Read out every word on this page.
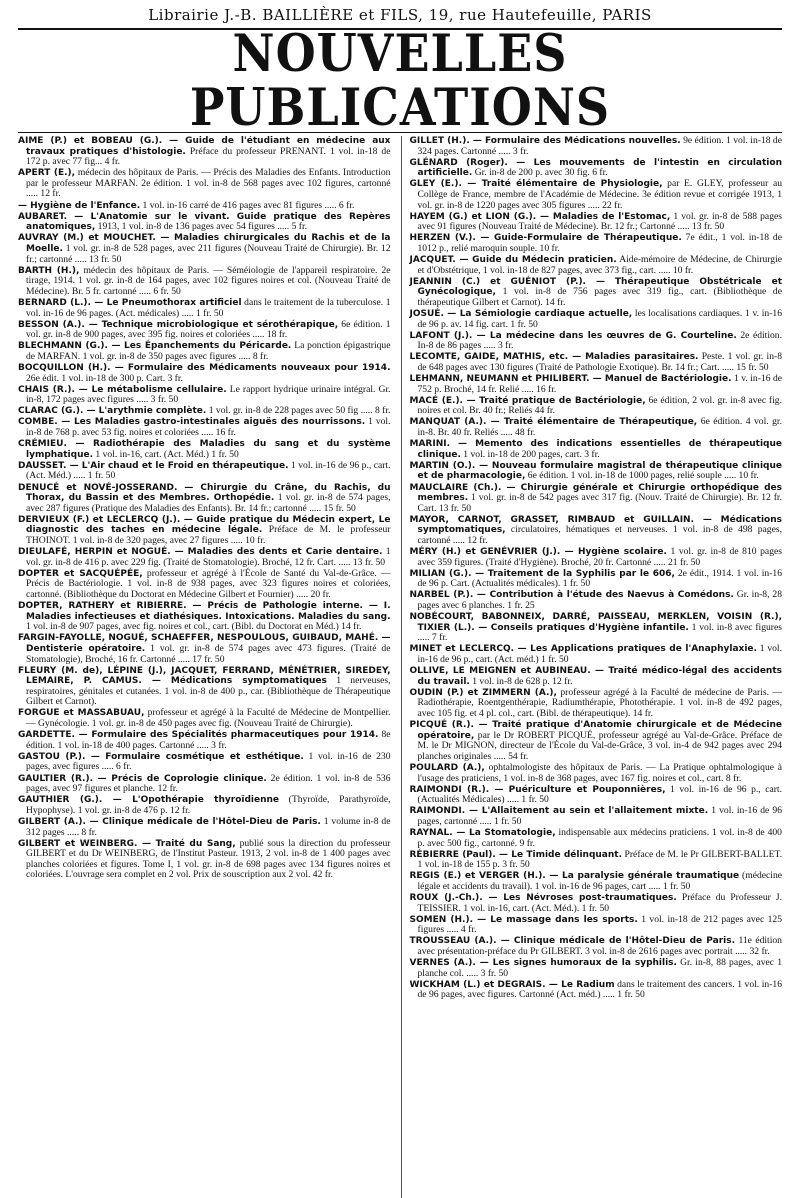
Librairie J.-B. BAILLIÈRE et FILS, 19, rue Hautefeuille, PARIS
NOUVELLES PUBLICATIONS

AIMÉ (P.) et BOBEAU (G.). — Guide de l'étudiant en médecine aux travaux pratiques d'histologie. Préface du professeur PRENANT. 1 vol. in-18 de 172 p. avec 77 fig... 4 fr.

APERT (E.), médecin des hôpitaux de Paris. — Précis des Maladies des Enfants. Introduction par le professeur MARFAN. 2e édition. 1 vol. in-8 de 568 pages avec 102 figures, cartonné ..... 12 fr.

— Hygiène de l'Enfance. 1 vol. in-16 carré de 416 pages avec 81 figures ..... 6 fr.

AUBARET. — L'Anatomie sur le vivant. Guide pratique des Repères anatomiques, 1913, 1 vol. in-8 de 136 pages avec 54 figures ..... 5 fr.

AUVRAY (M.) et MOUCHET. — Maladies chirurgicales du Rachis et de la Moelle. 1 vol. gr. in-8 de 528 pages, avec 211 figures (Nouveau Traité de Chirurgie). Br. 12 fr.; cartonné ..... 13 fr. 50

BARTH (H.), médecin des hôpitaux de Paris. — Séméiologie de l'appareil respiratoire. 2e tirage, 1914. 1 vol. gr. in-8 de 164 pages, avec 102 figures noires et col. (Nouveau Traité de Médecine). Br. 5 fr. cartonné ..... 6 fr. 50

BERNARD (L.). — Le Pneumothorax artificiel dans le traitement de la tuberculose. 1 vol. in-16 de 96 pages. (Act. médicales) ..... 1 fr. 50

BESSON (A.). — Technique microbiologique et sérothérapique, 6e édition. 1 vol. gr. in-8 de 900 pages, avec 395 fig. noires et coloriées ..... 18 fr.

BLECHMANN (G.). — Les Épanchements du Péricarde. La ponction épigastrique de MARFAN. 1 vol. gr. in-8 de 350 pages avec figures ..... 8 fr.

BOCQUILLON (H.). — Formulaire des Médicaments nouveaux pour 1914. 26e édit. 1 vol. in-18 de 300 p. Cart. 3 fr.

CHAIS (R.). — Le métabolisme cellulaire. Le rapport hydrique urinaire intégral. Gr. in-8, 172 pages avec figures ..... 3 fr. 50

CLARAC (G.). — L'arythmie complète. 1 vol. gr. in-8 de 228 pages avec 50 fig ..... 8 fr.

COMBE. — Les Maladies gastro-intestinales aiguës des nourrissons. 1 vol. in-8 de 768 p. avec 53 fig. noires et coloriées ..... 16 fr.

CRÉMIEU. — Radiothérapie des Maladies du sang et du système lymphatique. 1 vol. in-16, cart. (Act. Méd.) 1 fr. 50

DAUSSET. — L'Air chaud et le Froid en thérapeutique. 1 vol. in-16 de 96 p., cart. (Act. Méd.) ..... 1 fr. 50

DENUCÉ et NOVÉ-JOSSERAND. — Chirurgie du Crâne, du Rachis, du Thorax, du Bassin et des Membres. Orthopédie. 1 vol. gr. in-8 de 574 pages, avec 287 figures (Pratique des Maladies des Enfants). Br. 14 fr.; cartonné ..... 15 fr. 50

DERVIEUX (F.) et LECLERCQ (J.). — Guide pratique du Médecin expert, Le diagnostic des taches en médecine légale. Préface de M. le professeur THOINOT. 1 vol. in-8 de 320 pages, avec 27 figures ..... 10 fr.

DIEULAFÉ, HERPIN et NOGUÉ. — Maladies des dents et Carie dentaire. 1 vol. gr. in-8 de 416 p. avec 229 fig. (Traité de Stomatologie). Broché, 12 fr. Cart. ..... 13 fr. 50

DOPTER et SACQUÉPÉE, professeur et agrégé à l'École de Santé du Val-de-Grâce. — Précis de Bactériologie. 1 vol. in-8 de 938 pages, avec 323 figures noires et coloriées, cartonné. (Bibliothèque du Doctorat en Médecine Gilbert et Fournier) ..... 20 fr.

DOPTER, RATHERY et RIBIERRE. — Précis de Pathologie interne. — I. Maladies infectieuses et diathésiques. Intoxications. Maladies du sang. 1 vol. in-8 de 907 pages, avec fig. noires et col., cart. (Bibl. du Doctorat en Méd.) 14 fr.

FARGIN-FAYOLLE, NOGUÉ, SCHAEFFER, NESPOULOUS, GUIBAUD, MAHÉ. — Dentisterie opératoire. 1 vol. gr. in-8 de 574 pages avec 473 figures. (Traité de Stomatologie), Broché, 16 fr. Cartonné ..... 17 fr. 50

FLEURY (M. de), LÉPINE (J.), JACQUET, FERRAND, MÉNÉTRIER, SIREDEY, LEMAIRE, P. CAMUS. — Médications symptomatiques 1 nerveuses, respiratoires, génitales et cutanées. 1 vol. in-8 de 400 p., car. (Bibliothèque de Thérapeutique Gilbert et Carnot).

FORGUE et MASSABUAU, professeur et agrégé à la Faculté de Médecine de Montpellier. — Gynécologie. 1 vol. gr. in-8 de 450 pages avec fig. (Nouveau Traité de Chirurgie).

GARDETTE. — Formulaire des Spécialités pharmaceutiques pour 1914. 8e édition. 1 vol. in-18 de 400 pages. Cartonné ..... 3 fr.

GASTOU (P.). — Formulaire cosmétique et esthétique. 1 vol. in-16 de 230 pages, avec figures ..... 6 fr.

GAULTIER (R.). — Précis de Coprologie clinique. 2e édition. 1 vol. in-8 de 536 pages, avec 97 figures et planche. 12 fr.

GAUTHIER (G.). — L'Opothérapie thyroïdienne (Thyroïde, Parathyroïde, Hypophyse). 1 vol. gr. in-8 de 476 p. 12 fr.

GILBERT (A.). — Clinique médicale de l'Hôtel-Dieu de Paris. 1 volume in-8 de 312 pages ..... 8 fr.

GILBERT et WEINBERG. — Traité du Sang, publié sous la direction du professeur GILBERT et du Dr WEINBERG, de l'Institut Pasteur. 1913, 2 vol. in-8 de 1 400 pages avec planches coloriées et figures. Tome I, 1 vol. gr. in-8 de 698 pages avec 134 figures noires et coloriées. L'ouvrage sera complet en 2 vol. Prix de souscription aux 2 vol. 42 fr.

GILLET (H.). — Formulaire des Médications nouvelles. 9e édition. 1 vol. in-18 de 324 pages. Cartonné ..... 3 fr.

GLÉNARD (Roger). — Les mouvements de l'intestin en circulation artificielle. Gr. in-8 de 200 p. avec 30 fig. 6 fr.

GLEY (E.). — Traité élémentaire de Physiologie, par E. GLEY, professeur au Collège de France, membre de l'Académie de Médecine. 3e édition revue et corrigée 1913, 1 vol. gr. in-8 de 1220 pages avec 305 figures ..... 22 fr.

HAYEM (G.) et LION (G.). — Maladies de l'Estomac, 1 vol. gr. in-8 de 588 pages avec 91 figures (Nouveau Traité de Médecine). Br. 12 fr.; Cartonné ..... 13 fr. 50

HERZEN (V.). — Guide-Formulaire de Thérapeutique. 7e édit., 1 vol. in-18 de 1012 p., relié maroquin souple. 10 fr.

JACQUET. — Guide du Médecin praticien. Aide-mémoire de Médecine, de Chirurgie et d'Obstétrique, 1 vol. in-18 de 827 pages, avec 373 fig., cart. ..... 10 fr.

JEANNIN (C.) et GUÉNIOT (P.). — Thérapeutique Obstétricale et Gynécologique, 1 vol. in-8 de 756 pages avec 319 fig., cart. (Bibliothèque de thérapeutique Gilbert et Carnot). 14 fr.

JOSUÉ. — La Sémiologie cardiaque actuelle, les localisations cardiaques. 1 v. in-16 de 96 p. av. 14 fig. cart. 1 fr. 50

LAFONT (J.). — La médecine dans les œuvres de G. Courteline. 2e édition. In-8 de 86 pages ..... 3 fr.

LECOMTE, GAIDE, MATHIS, etc. — Maladies parasitaires. Peste. 1 vol. gr. in-8 de 648 pages avec 130 figures (Traité de Pathologie Exotique). Br. 14 fr.; Cart. ..... 15 fr. 50

LEHMANN, NEUMANN et PHILIBERT. — Manuel de Bactériologie. 1 v. in-16 de 752 p. Broché, 14 fr. Relié ..... 16 fr.

MACÉ (E.). — Traité pratique de Bactériologie, 6e édition, 2 vol. gr. in-8 avec fig. noires et col. Br. 40 fr.; Reliés 44 fr.

MANQUAT (A.). — Traité élémentaire de Thérapeutique, 6e édition. 4 vol. gr. in-8. Br. 40 fr. Reliés ..... 48 fr.

MARINI. — Memento des indications essentielles de thérapeutique clinique. 1 vol. in-18 de 200 pages, cart. 3 fr.

MARTIN (O.). — Nouveau formulaire magistral de thérapeutique clinique et de pharmacologie, 6e édition. 1 vol. in-18 de 1000 pages, relié souple ..... 10 fr.

MAUCLAIRE (Ch.). — Chirurgie générale et Chirurgie orthopédique des membres. 1 vol. gr. in-8 de 542 pages avec 317 fig. (Nouv. Traité de Chirurgie). Br. 12 fr. Cart. 13 fr. 50

MAYOR, CARNOT, GRASSET, RIMBAUD et GUILLAIN. — Médications symptomatiques, circulatoires, hématiques et nerveuses. 1 vol. in-8 de 498 pages, cartonné ..... 12 fr.

MÉRY (H.) et GENÉVRIER (J.). — Hygiène scolaire. 1 vol. gr. in-8 de 810 pages avec 359 figures. (Traité d'Hygiène). Broché, 20 fr. Cartonné ..... 21 fr. 50

MILIAN (G.). — Traitement de la Syphilis par le 606, 2e édit., 1914. 1 vol. in-16 de 96 p. Cart. (Actualités médicales). 1 fr. 50

NARBEL (P.). — Contribution à l'étude des Naevus à Comédons. Gr. in-8, 28 pages avec 6 planches. 1 fr. 25

NOBÉCOURT, BABONNEIX, DARRÉ, PAISSEAU, MERKLEN, VOISIN (R.), TIXIER (L.). — Conseils pratiques d'Hygiène infantile. 1 vol. in-8 avec figures ..... 7 fr.

MINET et LECLERCQ. — Les Applications pratiques de l'Anaphylaxie. 1 vol. in-16 de 96 p., cart. (Act. méd.) 1 fr. 50

OLLIVE, LE MEIGNEN et AUBINEAU. — Traité médico-légal des accidents du travail. 1 vol. in-8 de 628 p. 12 fr.

OUDIN (P.) et ZIMMERN (A.), professeur agrégé à la Faculté de médecine de Paris. — Radiothérapie, Roentgenthérapie, Radiumthérapie, Photothérapie. 1 vol. in-8 de 492 pages, avec 105 fig. et 4 pl. col., cart. (Bibl. de thérapeutique). 14 fr.

PICQUÉ (R.). — Traité pratique d'Anatomie chirurgicale et de Médecine opératoire, par le Dr ROBERT PICQUÉ, professeur agrégé au Val-de-Grâce. Préface de M. le Dr MIGNON, directeur de l'École du Val-de-Grâce, 3 vol. in-4 de 942 pages avec 294 planches originales ..... 54 fr.

POULARD (A.), ophtalmologiste des hôpitaux de Paris. — La Pratique ophtalmologique à l'usage des praticiens, 1 vol. in-8 de 368 pages, avec 167 fig. noires et col., cart. 8 fr.

RAIMONDI (R.). — Puériculture et Pouponnières, 1 vol. in-16 de 96 p., cart. (Actualités Médicales) ..... 1 fr. 50

RAIMONDI. — L'Allaitement au sein et l'allaitement mixte. 1 vol. in-16 de 96 pages, cartonné ..... 1 fr. 50

RAYNAL. — La Stomatologie, indispensable aux médecins praticiens. 1 vol. in-8 de 400 p. avec 500 fig., cartonné. 9 fr.

RÉBIERRE (Paul). — Le Timide délinquant. Préface de M. le Pr GILBERT-BALLET. 1 vol. in-18 de 155 p. 3 fr. 50

REGIS (E.) et VERGER (H.). — La paralysie générale traumatique (médecine légale et accidents du travail). 1 vol. in-16 de 96 pages, cart ..... 1 fr. 50

ROUX (J.-Ch.). — Les Névroses post-traumatiques. Préface du Professeur J. TEISSIER. 1 vol. in-16, cart. (Act. Méd.). 1 fr. 50

SOMEN (H.). — Le massage dans les sports. 1 vol. in-18 de 212 pages avec 125 figures ..... 4 fr.

TROUSSEAU (A.). — Clinique médicale de l'Hôtel-Dieu de Paris. 11e édition avec présentation-préface du Pr GILBERT. 3 vol. in-8 de 2616 pages avec portrait ..... 32 fr.

VERNES (A.). — Les signes humoraux de la syphilis. Gr. in-8, 88 pages, avec 1 planche col. ..... 3 fr. 50

WICKHAM (L.) et DEGRAIS. — Le Radium dans le traitement des cancers. 1 vol. in-16 de 96 pages, avec figures. Cartonné (Act. méd.) ..... 1 fr. 50
